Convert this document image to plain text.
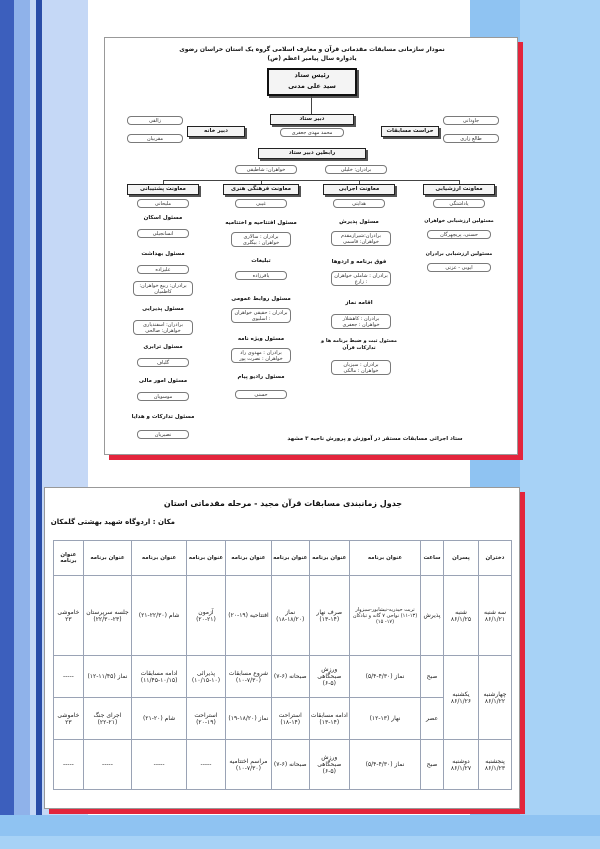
نمودار سازمانی مسابقات مقدماتی قرآن و معارف اسلامی گروه یک استان خراسان رضوی
یادواره سال پیامبر اعظم (ص)
رئیس ستاد
سید علی مدنی
دبیر ستاد
محمد مهدی جعفری
زالقی
دبیر خانه
مقربیان
جاودانی
حراست مسابقات
طالع زاری
رابطین دبیر ستاد
برادران: خلیلی
خواهران: شاطیقی
معاونت ارزشیابی
یاداشتگی
مسئولین ارزشیابی خواهران
حسنی، پریچهرگان
مسئولین ارزشیابی برادران
ایوبی - عزتی
معاونت اجرایی
هدایتی
مسئول پذیرش
برادران:شیرازمقدم خواهران: قاسمی
فوق برنامه و اردوها
برادران : شاملی خواهران : زارع
اقامه نماز
برادران : کاهشلار خواهران : جعفری
مسئول ثبت و ضبط برنامه ها و تدارکات قرآن
برادران : سیزبان خواهران : مالکی
معاونت فرهنگی هنری
غیبی
مسئول افتتاحیه و اختتامیه
برادران : سالاری خواهران : بیگلری
تبلیغات
یاقرزاده
مسئول روابط عمومی
برادران : حقیقی خواهران : اسلیوی
مسئول ویژه نامه
برادران : مهدوی راد خواهران : نصرت پور
مسئول رادیو پیام
حسنی
معاونت پشتیبانی
ملیحانی
مسئول اسکان
انسانجیلی
مسئول بهداشت
علیزاده
برادران: ربیع خواهران: کاظمیان
مسئول پذیرایی
برادران: اسفندیاری خواهران: صالحی
مسئول ترابری
گلباف
مسئول امور مالی
موسویان
مسئول تدارکات و هدایا
نصیریان
ستاد اجرائی مسابقات مستقر در آموزش و پرورش ناحیه ۳ مشهد
جدول زمانبندی مسابقات قرآن مجید - مرحله مقدماتی استان
مکان : اردوگاه شهید بهشتی گلمکان
دختران	پسران	ساعت	عنوان برنامه	عنوان برنامه	عنوان برنامه	عنوان برنامه	عنوان برنامه	عنوان برنامه	عنوان برنامه	عنوان برنامه
سه شنبه ۸۶/۱/۲۱	شنبه ۸۶/۱/۲۵	پذیرش	تربت حیدریه-نیشابور-سبزوار (۱۳-۱۱) نواحی ۷ گانه و تبادکان (۱۷- ۱۵)	صرف نهار (۱۴-۱۳)	نماز (۱۸/۲۰-۱۸)	افتتاحیه (۱۹-۲۰)	آزمون (۲۱-۲۰)	شام (۲۲/۳۰-۲۱)	جلسه سرپرستان (۲۳-۲۲/۳۰)	خاموشی ۲۳
چهارشنبه ۸۶/۱/۲۲	یکشنبه ۸۶/۱/۲۶	صبح	نماز (۴/۳۰-۵/۴)	ورزش صبحگاهی (۵-۶)	صبحانه (۶-۷)	شروع مسابقات (۷/۳۰-۱۰)	پذیرائی (۱۰-۱۰/۱۵)	ادامه مسابقات (۱۰/۱۵-۱۱/۴۵)	نماز (۱۱/۴۵-۱۲)	-----
		عصر	نهار (۱۳-۱۲)	ادامه مسابقات (۱۴-۱۳)	استراحت (۱۴-۱۸)	نماز (۱۸/۲۰-۱۹)	استراحت (۱۹-۲۰)	شام (۲۰-۲۱)	اجرای جنگ (۲۱-۲۲)	خاموشی ۲۳
پنجشنبه ۸۶/۱/۲۳	دوشنبه ۸۶/۱/۲۷	صبح	نماز (۴/۳۰-۵/۴)	ورزش صبحگاهی (۵-۶)	صبحانه (۶-۷)	مراسم اختتامیه (۷/۳۰-۱۰)	-----	-----	-----	-----
